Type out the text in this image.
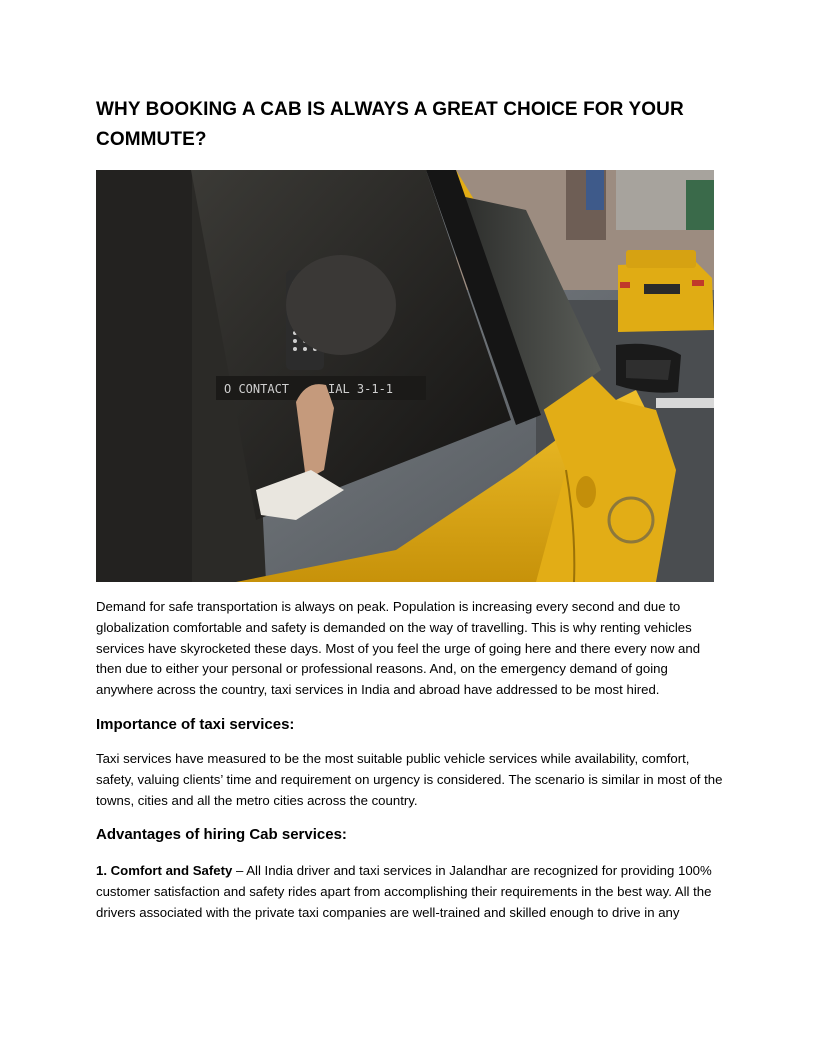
WHY BOOKING A CAB IS ALWAYS A GREAT CHOICE FOR YOUR COMMUTE?
O CONTACT	IAL 3-1-1

Demand for safe transportation is always on peak. Population is increasing every second and due to globalization comfortable and safety is demanded on the way of travelling. This is why renting vehicles services have skyrocketed these days. Most of you feel the urge of going here and there every now and then due to either your personal or professional reasons. And, on the emergency demand of going anywhere across the country, taxi services in India and abroad have addressed to be most hired.

Importance of taxi services:

Taxi services have measured to be the most suitable public vehicle services while availability, comfort, safety, valuing clients’ time and requirement on urgency is considered. The scenario is similar in most of the towns, cities and all the metro cities across the country.

Advantages of hiring Cab services:

1. Comfort and Safety – All India driver and taxi services in Jalandhar are recognized for providing 100% customer satisfaction and safety rides apart from accomplishing their requirements in the best way. All the drivers associated with the private taxi companies are well-trained and skilled enough to drive in any
